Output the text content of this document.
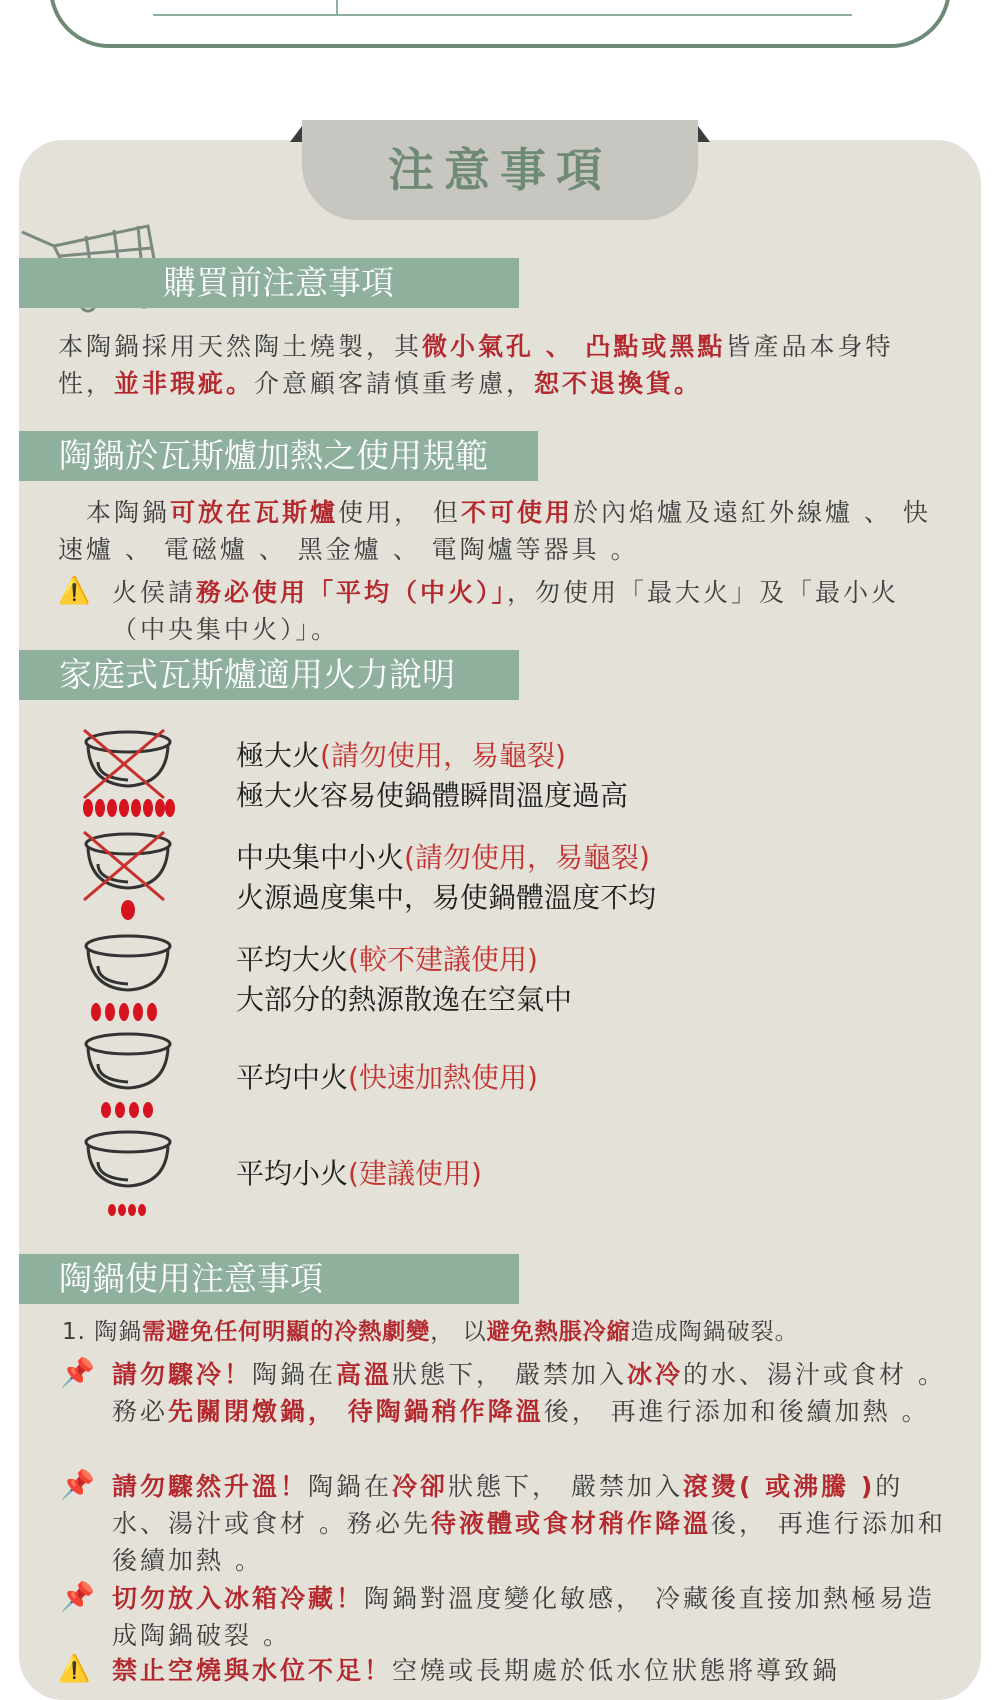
注意事項
購買前注意事項
本陶鍋採用天然陶土燒製，其微小氣孔 、 凸點或黑點皆產品本身特性，並非瑕疵。介意顧客請慎重考慮，恕不退換貨。
陶鍋於瓦斯爐加熱之使用規範
　本陶鍋可放在瓦斯爐使用， 但不可使用於內焰爐及遠紅外線爐 、 快速爐 、 電磁爐 、 黑金爐 、 電陶爐等器具 。
⚠️ 火侯請務必使用「平均（中火）」，勿使用「最大火」及「最小火（中央集中火）」。
家庭式瓦斯爐適用火力說明
極大火(請勿使用，易龜裂)
極大火容易使鍋體瞬間溫度過高
中央集中小火(請勿使用，易龜裂)
火源過度集中，易使鍋體溫度不均
平均大火(較不建議使用)
大部分的熱源散逸在空氣中
平均中火(快速加熱使用)
平均小火(建議使用)
陶鍋使用注意事項
1. 陶鍋需避免任何明顯的冷熱劇變， 以避免熱脹冷縮造成陶鍋破裂。
📌 請勿驟冷！陶鍋在高溫狀態下， 嚴禁加入冰冷的水、湯汁或食材 。務必先關閉燉鍋， 待陶鍋稍作降溫後， 再進行添加和後續加熱 。
📌 請勿驟然升溫！陶鍋在冷卻狀態下， 嚴禁加入滾燙( 或沸騰 )的水、湯汁或食材 。務必先待液體或食材稍作降溫後， 再進行添加和後續加熱 。
📌 切勿放入冰箱冷藏！陶鍋對溫度變化敏感， 冷藏後直接加熱極易造成陶鍋破裂 。
⚠️ 禁止空燒與水位不足！空燒或長期處於低水位狀態將導致鍋
